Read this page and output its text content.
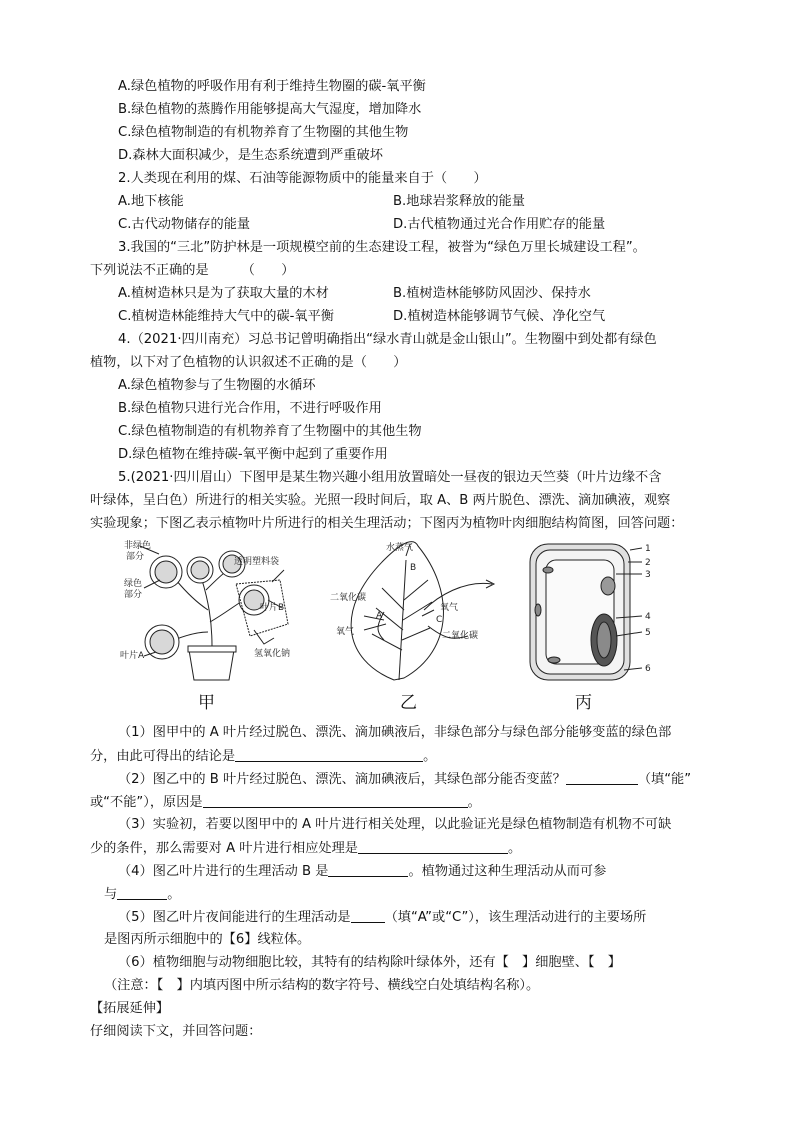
A.绿色植物的呼吸作用有利于维持生物圈的碳-氧平衡
B.绿色植物的蒸腾作用能够提高大气湿度，增加降水
C.绿色植物制造的有机物养育了生物圈的其他生物
D.森林大面积减少，是生态系统遭到严重破坏
2.人类现在利用的煤、石油等能源物质中的能量来自于（　　）
A.地下核能	B.地球岩浆释放的能量
C.古代动物储存的能量	D.古代植物通过光合作用贮存的能量
3.我国的“三北”防护林是一项规模空前的生态建设工程，被誉为“绿色万里长城建设工程”。
下列说法不正确的是　　　（　　）
A.植树造林只是为了获取大量的木材	B.植树造林能够防风固沙、保持水
C.植树造林能维持大气中的碳-氧平衡	D.植树造林能够调节气候、净化空气
4.（2021·四川南充）习总书记曾明确指出“绿水青山就是金山银山”。生物圈中到处都有绿色
植物，以下对了色植物的认识叙述不正确的是（　　）
A.绿色植物参与了生物圈的水循环
B.绿色植物只进行光合作用，不进行呼吸作用
C.绿色植物制造的有机物养育了生物圈中的其他生物
D.绿色植物在维持碳-氧平衡中起到了重要作用
5.(2021·四川眉山）下图甲是某生物兴趣小组用放置暗处一昼夜的银边天竺葵（叶片边缘不含
叶绿体，呈白色）所进行的相关实验。光照一段时间后，取 A、B 两片脱色、漂洗、滴加碘液，观察
实验现象；下图乙表示植物叶片所进行的相关生理活动；下图丙为植物叶肉细胞结构简图，回答问题：
非绿色
部分
绿色
部分
叶片A
透明塑料袋
叶片B
氢氧化钠
水蒸气
B
二氧化碳
A
氧气
氧气
C
二氧化碳
1
2
3
4
5
6
甲	乙	丙
（1）图甲中的 A 叶片经过脱色、漂洗、滴加碘液后，非绿色部分与绿色部分能够变蓝的绿色部
分，由此可得出的结论是	。
（2）图乙中的 B 叶片经过脱色、漂洗、滴加碘液后，其绿色部分能否变蓝？	（填“能”
或“不能”），原因是	。
（3）实验初，若要以图甲中的 A 叶片进行相关处理，以此验证光是绿色植物制造有机物不可缺
少的条件，那么需要对 A 叶片进行相应处理是	。
（4）图乙叶片进行的生理活动 B 是	。植物通过这种生理活动从而可参
与	。
（5）图乙叶片夜间能进行的生理活动是	（填“A”或“C”），该生理活动进行的主要场所
是图丙所示细胞中的【6】线粒体。
（6）植物细胞与动物细胞比较，其特有的结构除叶绿体外，还有【　】细胞壁、【　】
（注意：【　】内填丙图中所示结构的数字符号、横线空白处填结构名称）。
【拓展延伸】
仔细阅读下文，并回答问题：
